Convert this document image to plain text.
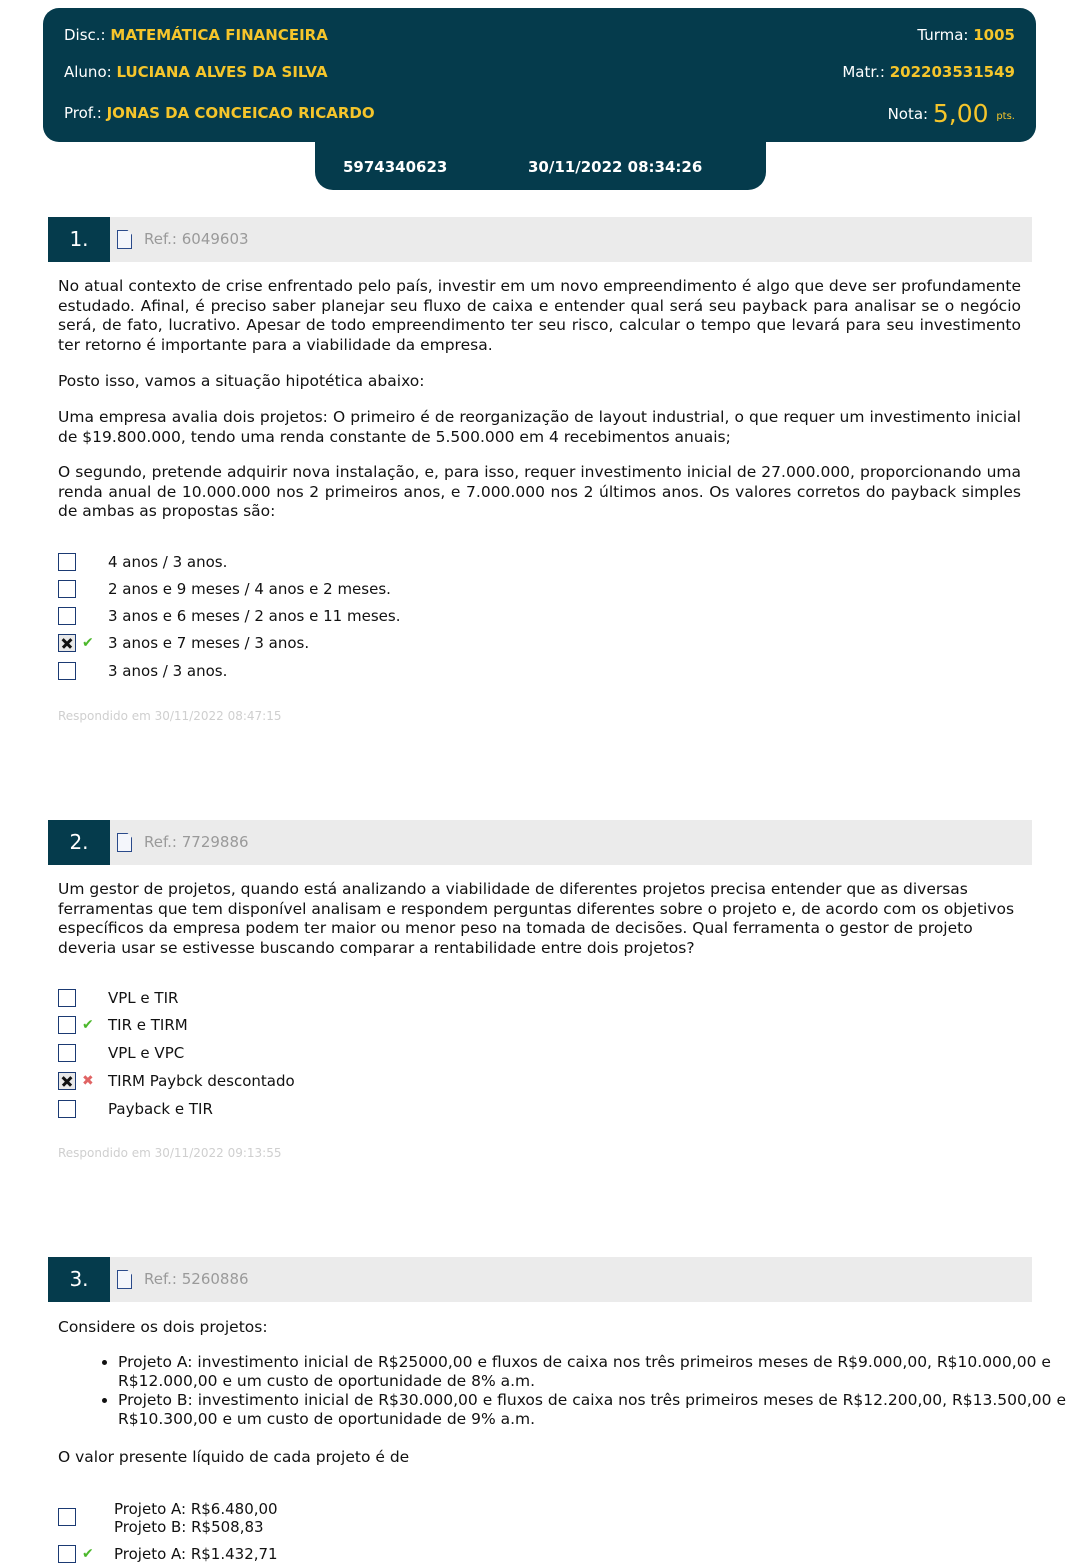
Disc.: MATEMÁTICA FINANCEIRA	Turma: 1005
Aluno: LUCIANA ALVES DA SILVA	Matr.: 202203531549
Prof.: JONAS DA CONCEICAO RICARDO	Nota: 5,00 pts.
5974340623	30/11/2022 08:34:26
1.	Ref.: 6049603
No atual contexto de crise enfrentado pelo país, investir em um novo empreendimento é algo que deve ser profundamente estudado. Afinal, é preciso saber planejar seu fluxo de caixa e entender qual será seu payback para analisar se o negócio será, de fato, lucrativo. Apesar de todo empreendimento ter seu risco, calcular o tempo que levará para seu investimento ter retorno é importante para a viabilidade da empresa.
Posto isso, vamos a situação hipotética abaixo:
Uma empresa avalia dois projetos: O primeiro é de reorganização de layout industrial, o que requer um investimento inicial de $19.800.000, tendo uma renda constante de 5.500.000 em 4 recebimentos anuais;
O segundo, pretende adquirir nova instalação, e, para isso, requer investimento inicial de 27.000.000, proporcionando uma renda anual de 10.000.000 nos 2 primeiros anos, e 7.000.000 nos 2 últimos anos. Os valores corretos do payback simples de ambas as propostas são:
4 anos / 3 anos.
2 anos e 9 meses / 4 anos e 2 meses.
3 anos e 6 meses / 2 anos e 11 meses.
✔ 3 anos e 7 meses / 3 anos.
3 anos / 3 anos.
Respondido em 30/11/2022 08:47:15
2.	Ref.: 7729886
Um gestor de projetos, quando está analizando a viabilidade de diferentes projetos precisa entender que as diversas ferramentas que tem disponível analisam e respondem perguntas diferentes sobre o projeto e, de acordo com os objetivos específicos da empresa podem ter maior ou menor peso na tomada de decisões. Qual ferramenta o gestor de projeto deveria usar se estivesse buscando comparar a rentabilidade entre dois projetos?
VPL e TIR
✔ TIR e TIRM
VPL e VPC
✖ TIRM Paybck descontado
Payback e TIR
Respondido em 30/11/2022 09:13:55
3.	Ref.: 5260886
Considere os dois projetos:
• Projeto A: investimento inicial de R$25000,00 e fluxos de caixa nos três primeiros meses de R$9.000,00, R$10.000,00 e R$12.000,00 e um custo de oportunidade de 8% a.m.
• Projeto B: investimento inicial de R$30.000,00 e fluxos de caixa nos três primeiros meses de R$12.200,00, R$13.500,00 e R$10.300,00 e um custo de oportunidade de 9% a.m.
O valor presente líquido de cada projeto é de
Projeto A: R$6.480,00
Projeto B: R$508,83
✔ Projeto A: R$1.432,71
